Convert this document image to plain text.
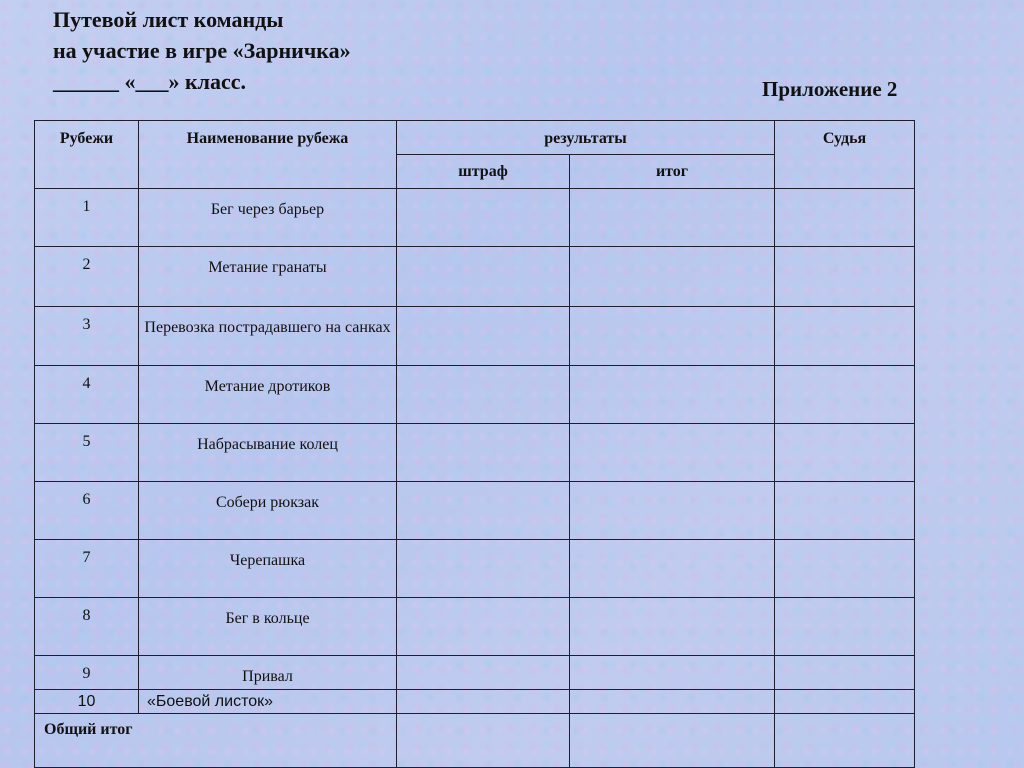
Путевой лист команды
на участие в игре «Зарничка»
______ «___» класс.	Приложение 2
Рубежи	Наименование рубежа	результаты		Судья
		штраф	итог	
1	Бег через барьер			
2	Метание гранаты			
3	Перевозка пострадавшего на санках			
4	Метание дротиков			
5	Набрасывание колец			
6	Собери рюкзак			
7	Черепашка			
8	Бег в кольце			
9	Привал			
10	«Боевой листок»			
Общий итог				
